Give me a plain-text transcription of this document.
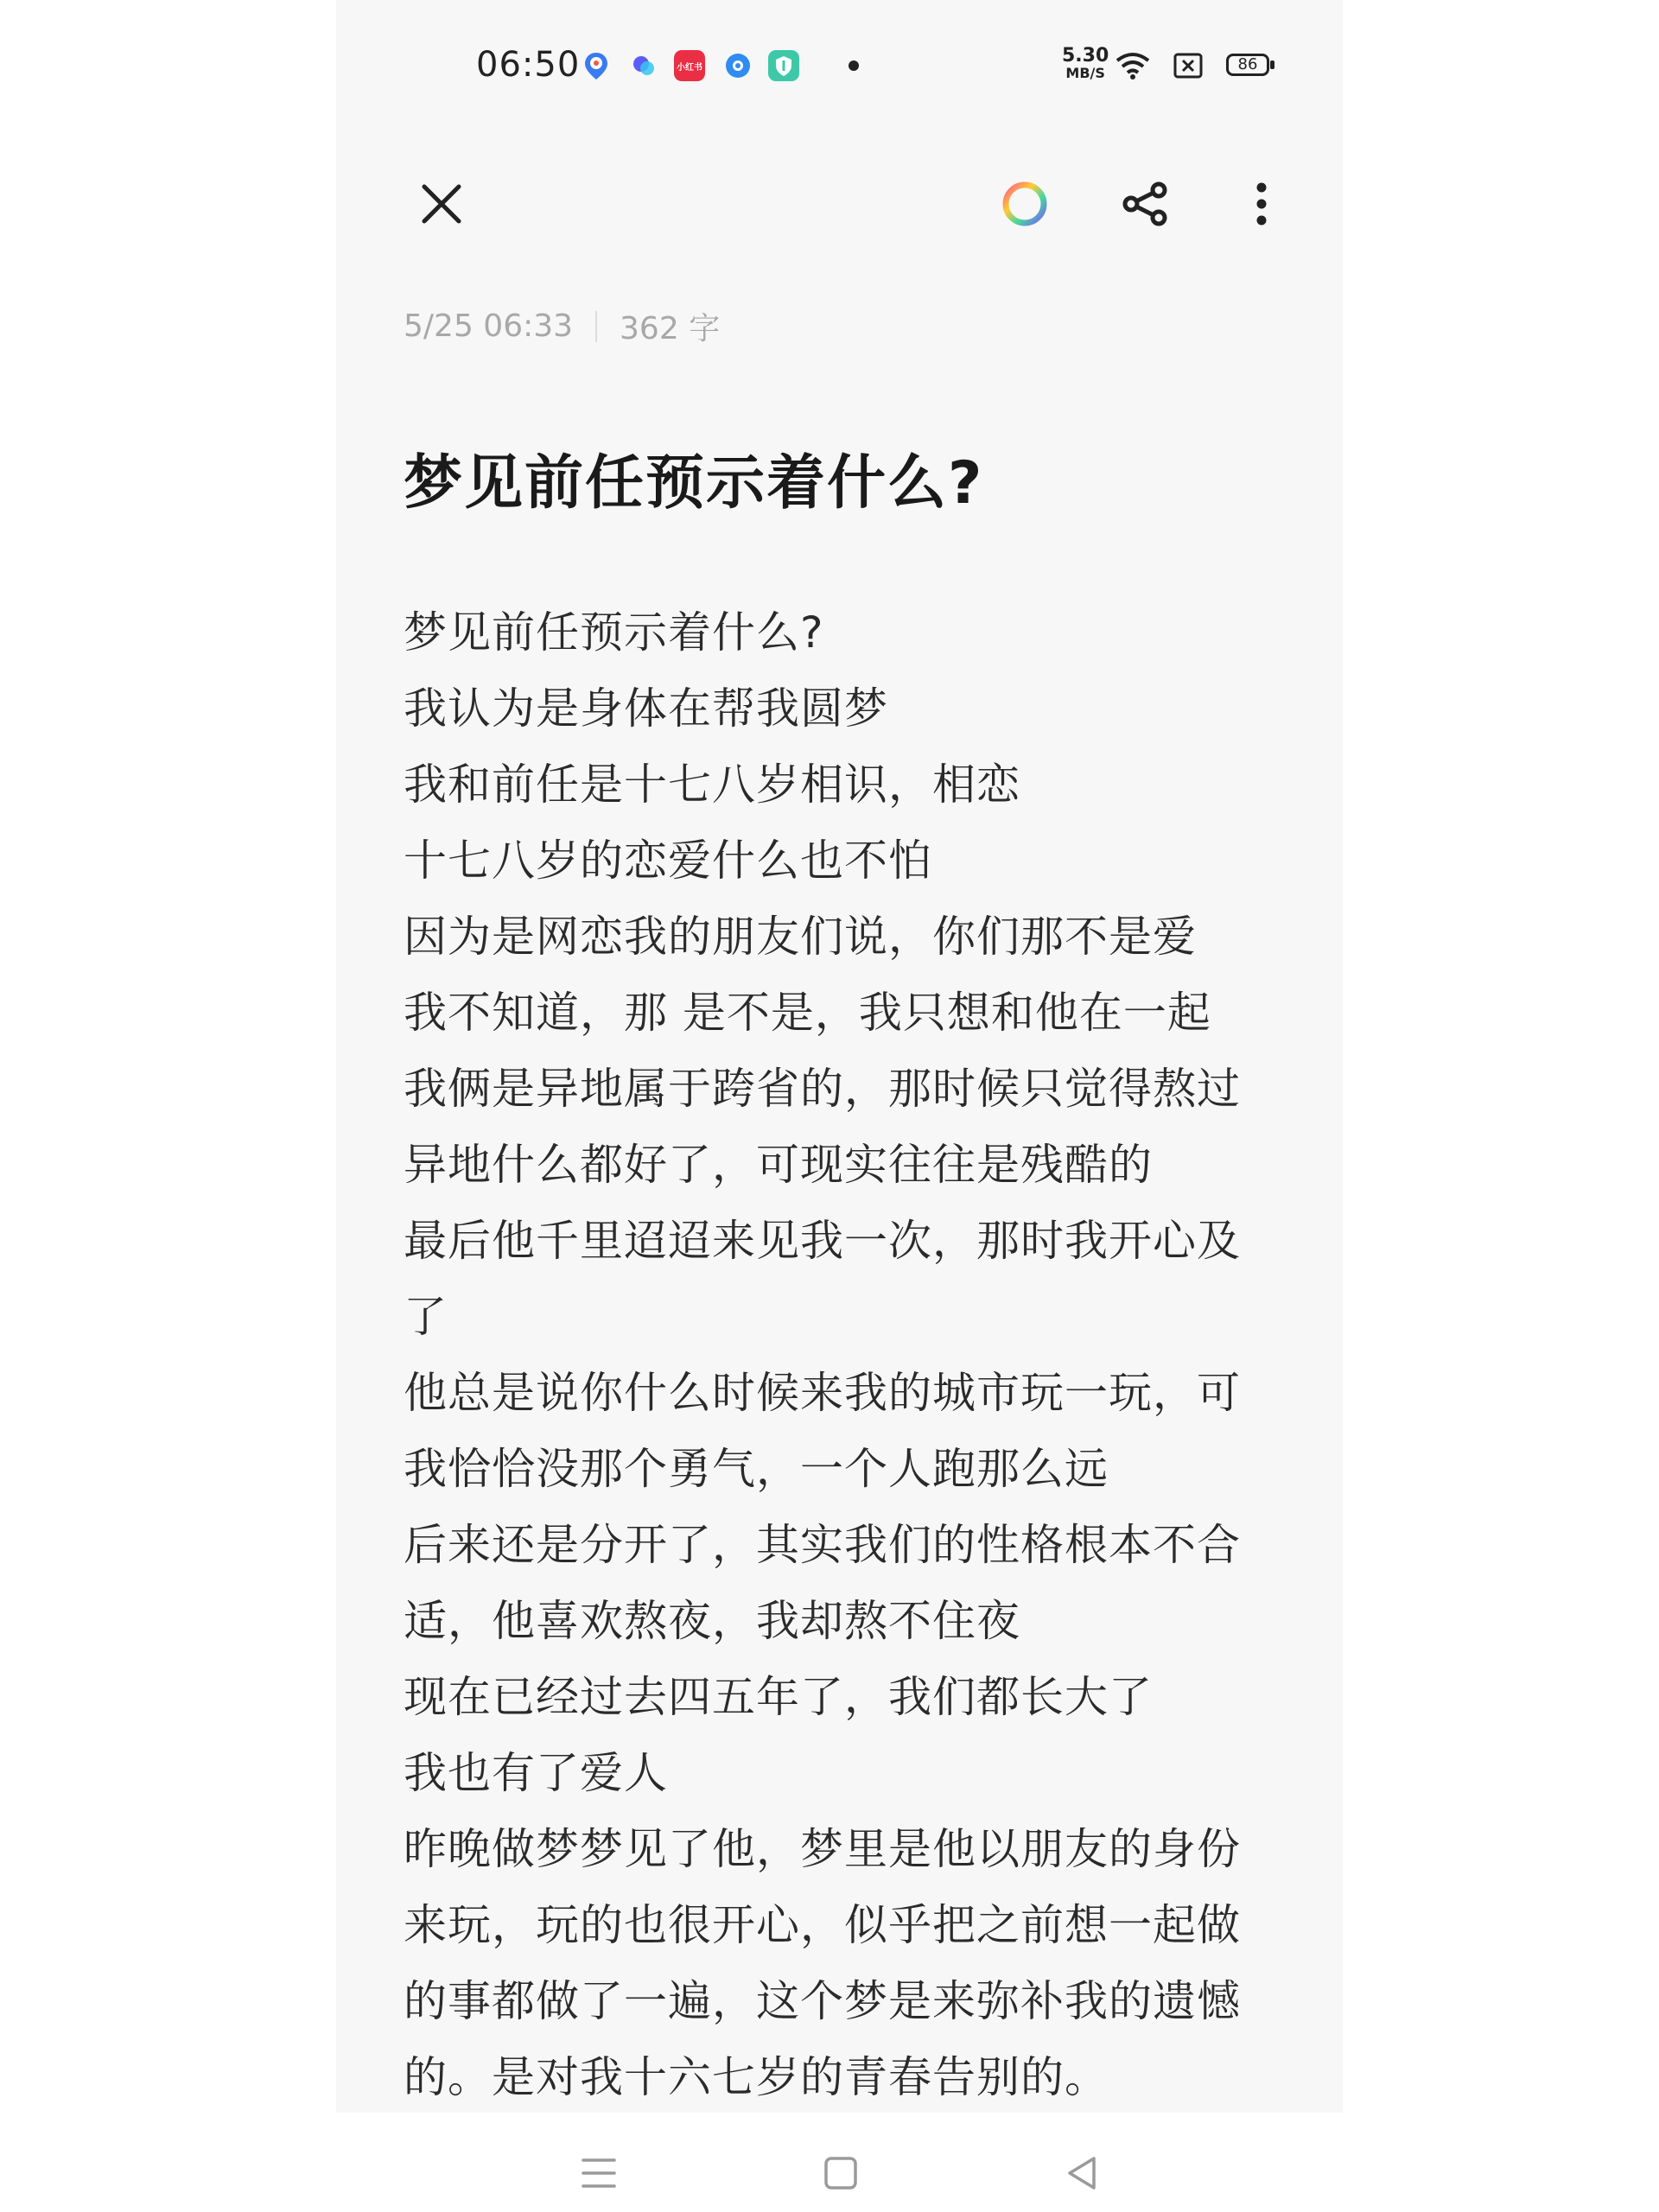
06:50	小红书
5.30
MB/S	86
5/25 06:33 362 字
梦见前任预示着什么?
梦见前任预示着什么?
我认为是身体在帮我圆梦
我和前任是十七八岁相识，相恋
十七八岁的恋爱什么也不怕
因为是网恋我的朋友们说，你们那不是爱
我不知道，那 是不是，我只想和他在一起
我俩是异地属于跨省的，那时候只觉得熬过
异地什么都好了，可现实往往是残酷的
最后他千里迢迢来见我一次，那时我开心及
了
他总是说你什么时候来我的城市玩一玩，可
我恰恰没那个勇气，一个人跑那么远
后来还是分开了，其实我们的性格根本不合
适，他喜欢熬夜，我却熬不住夜
现在已经过去四五年了，我们都长大了
我也有了爱人
昨晚做梦梦见了他，梦里是他以朋友的身份
来玩，玩的也很开心，似乎把之前想一起做
的事都做了一遍，这个梦是来弥补我的遗憾
的。是对我十六七岁的青春告别的。
